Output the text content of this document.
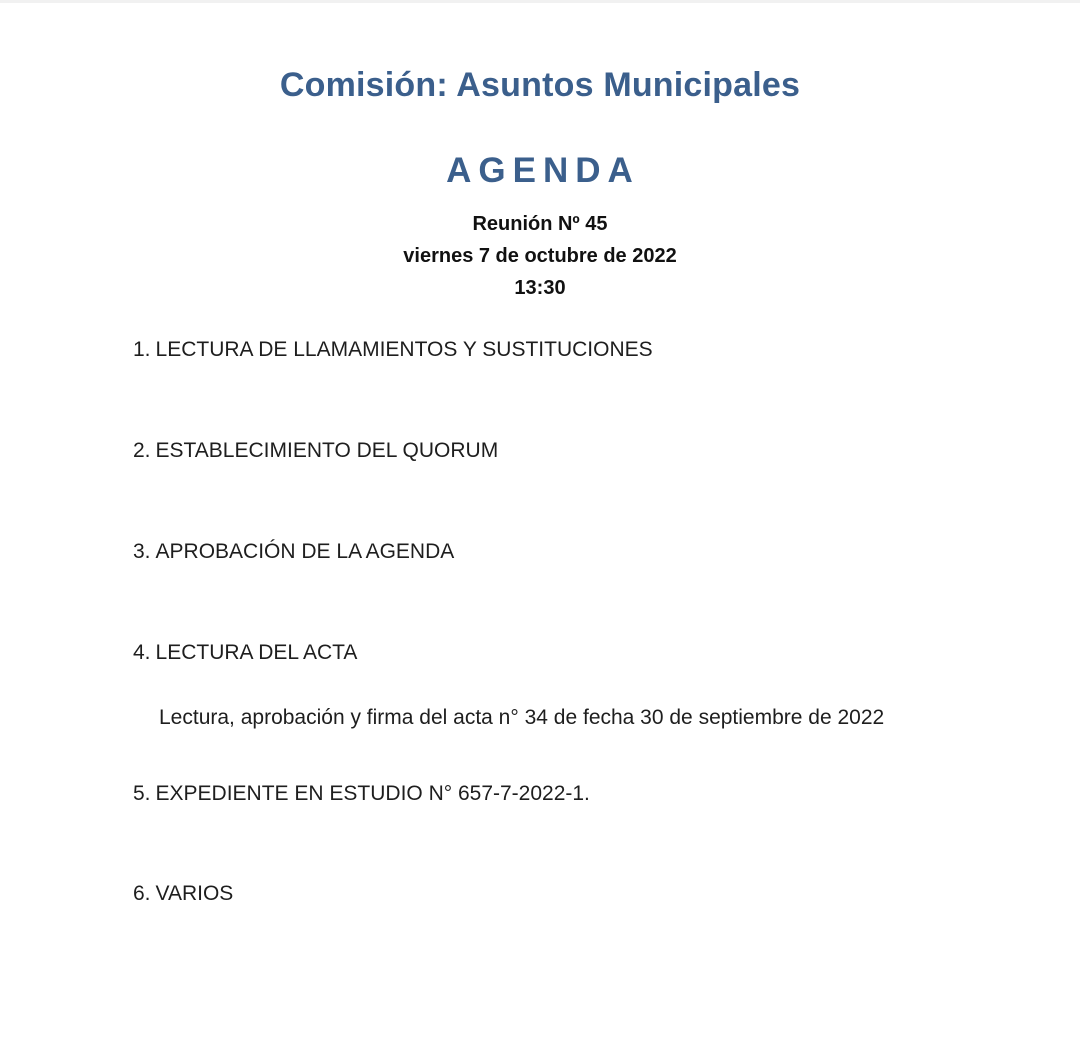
Comisión: Asuntos Municipales
AGENDA
Reunión Nº 45
viernes 7 de octubre de 2022
13:30
1. LECTURA DE LLAMAMIENTOS Y SUSTITUCIONES
2. ESTABLECIMIENTO DEL QUORUM
3. APROBACIÓN DE LA AGENDA
4. LECTURA DEL ACTA
5. EXPEDIENTE EN ESTUDIO N° 657-7-2022-1.
6. VARIOS

Lectura, aprobación y firma del acta n° 34 de fecha 30 de septiembre de 2022
